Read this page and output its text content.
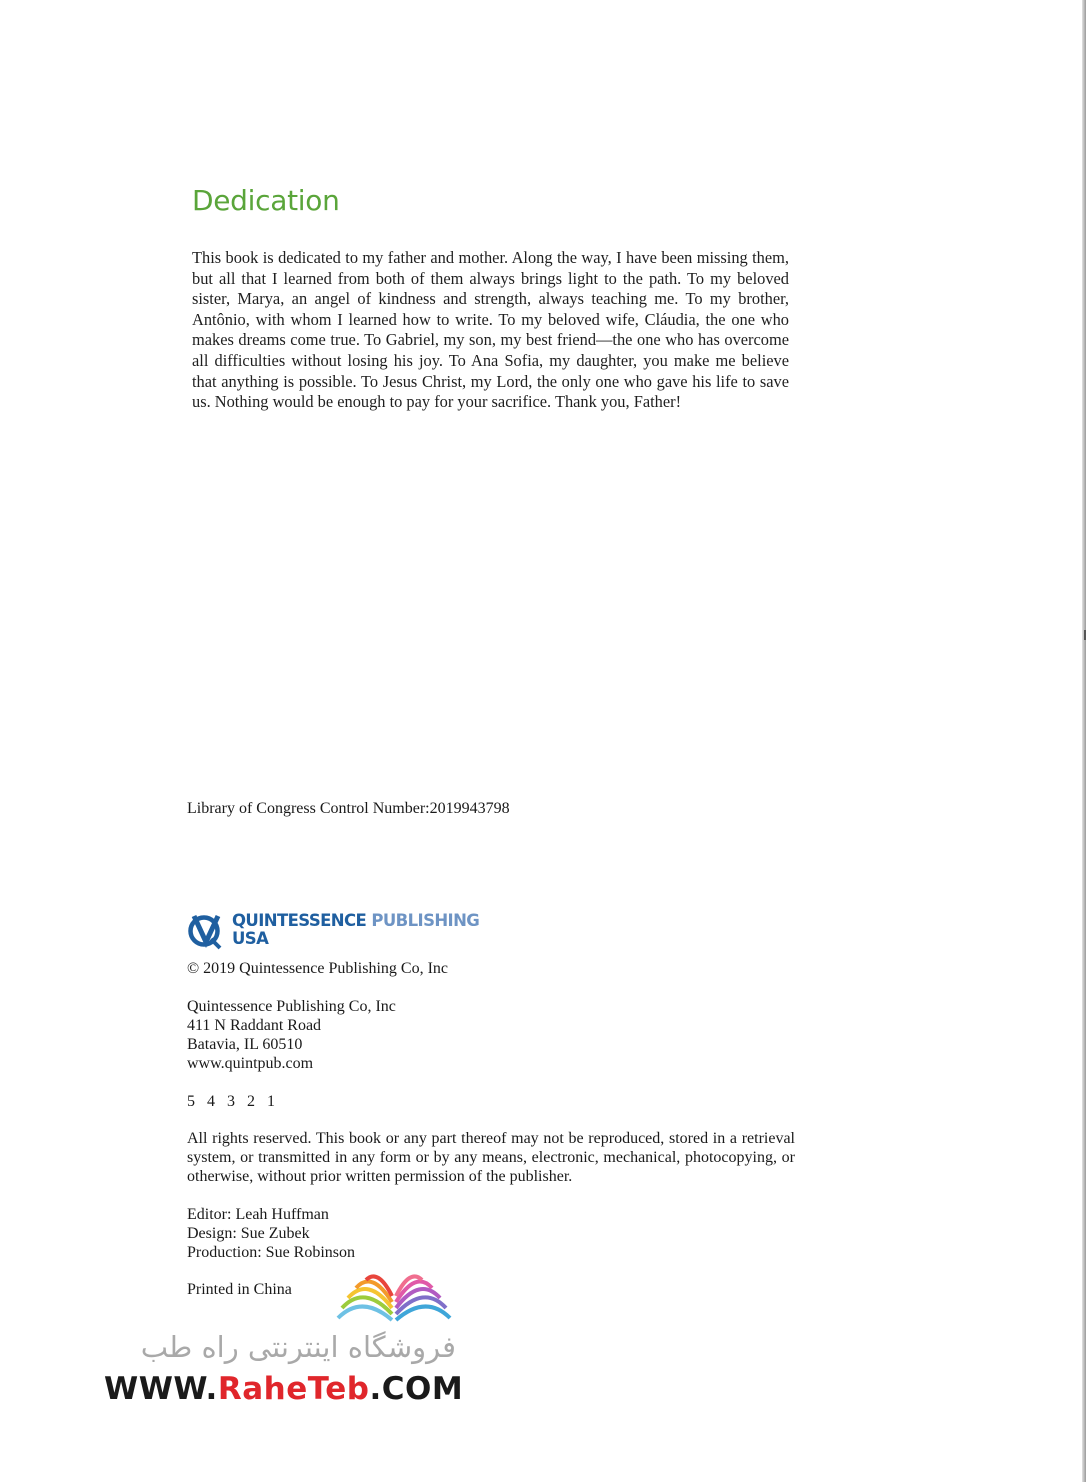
Dedication

This book is dedicated to my father and mother. Along the way, I have been missing them, but all that I learned from both of them always brings light to the path. To my beloved sister, Marya, an angel of kindness and strength, always teaching me. To my brother, Antônio, with whom I learned how to write. To my beloved wife, Cláudia, the one who makes dreams come true. To Gabriel, my son, my best friend—the one who has overcome all difficulties without losing his joy. To Ana Sofia, my daughter, you make me believe that anything is possible. To Jesus Christ, my Lord, the only one who gave his life to save us. Nothing would be enough to pay for your sacrifice. Thank you, Father!

Library of Congress Control Number:2019943798

QUINTESSENCE PUBLISHING
USA

© 2019 Quintessence Publishing Co, Inc

Quintessence Publishing Co, Inc
411 N Raddant Road
Batavia, IL 60510
www.quintpub.com

5 4 3 2 1

All rights reserved. This book or any part thereof may not be reproduced, stored in a retrieval system, or transmitted in any form or by any means, electronic, mechanical, photocopying, or otherwise, without prior written permission of the publisher.

Editor: Leah Huffman
Design: Sue Zubek
Production: Sue Robinson

Printed in China

فروشگاه اینترنتی راه طب
WWW.RaheTeb.COM
